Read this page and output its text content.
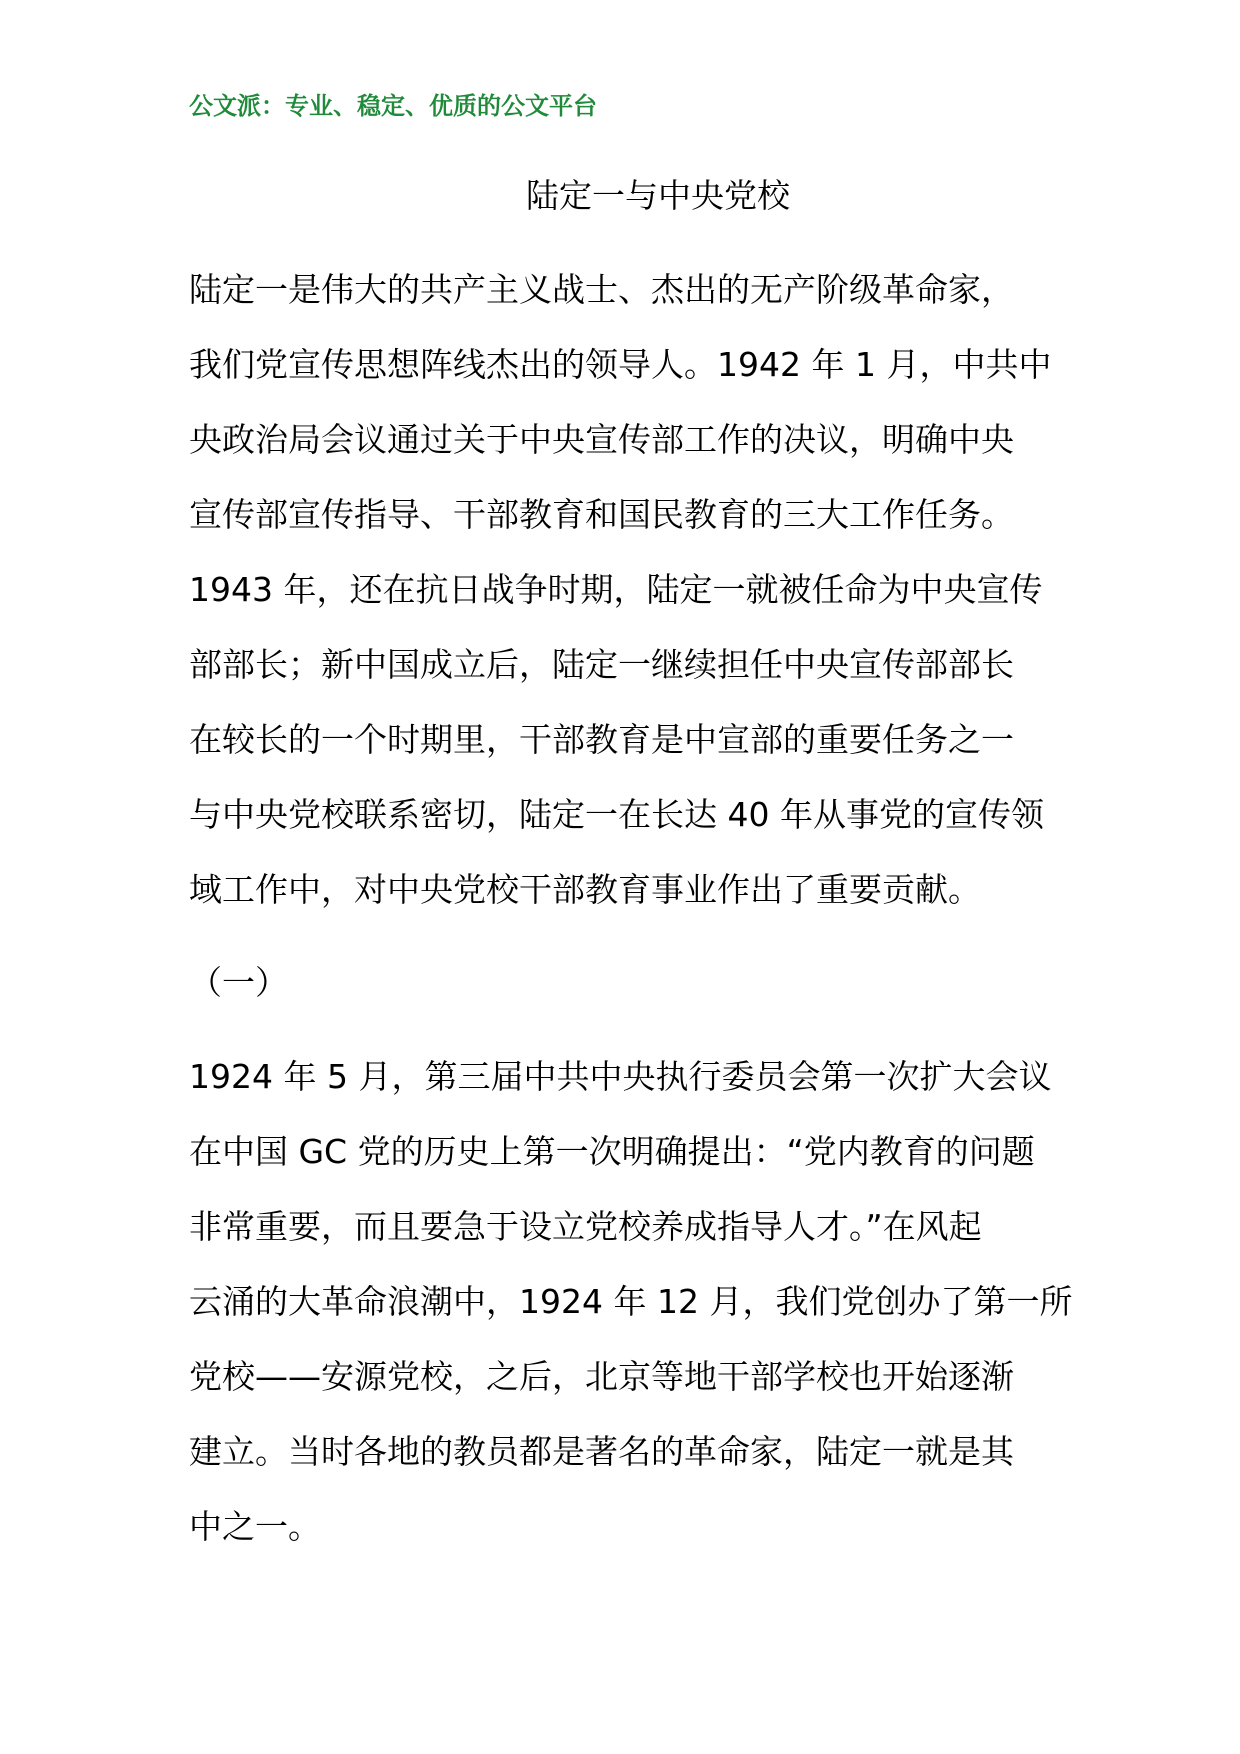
公文派：专业、稳定、优质的公文平台
陆定一与中央党校
陆定一是伟大的共产主义战士、杰出的无产阶级革命家，
我们党宣传思想阵线杰出的领导人。1942 年 1 月，中共中
央政治局会议通过关于中央宣传部工作的决议，明确中央
宣传部宣传指导、干部教育和国民教育的三大工作任务。
1943 年，还在抗日战争时期，陆定一就被任命为中央宣传
部部长；新中国成立后，陆定一继续担任中央宣传部部长
在较长的一个时期里，干部教育是中宣部的重要任务之一
与中央党校联系密切，陆定一在长达 40 年从事党的宣传领
域工作中，对中央党校干部教育事业作出了重要贡献。
（一）
1924 年 5 月，第三届中共中央执行委员会第一次扩大会议
在中国 GC 党的历史上第一次明确提出：“党内教育的问题
非常重要，而且要急于设立党校养成指导人才。”在风起
云涌的大革命浪潮中，1924 年 12 月，我们党创办了第一所
党校——安源党校，之后，北京等地干部学校也开始逐渐
建立。当时各地的教员都是著名的革命家，陆定一就是其
中之一。
